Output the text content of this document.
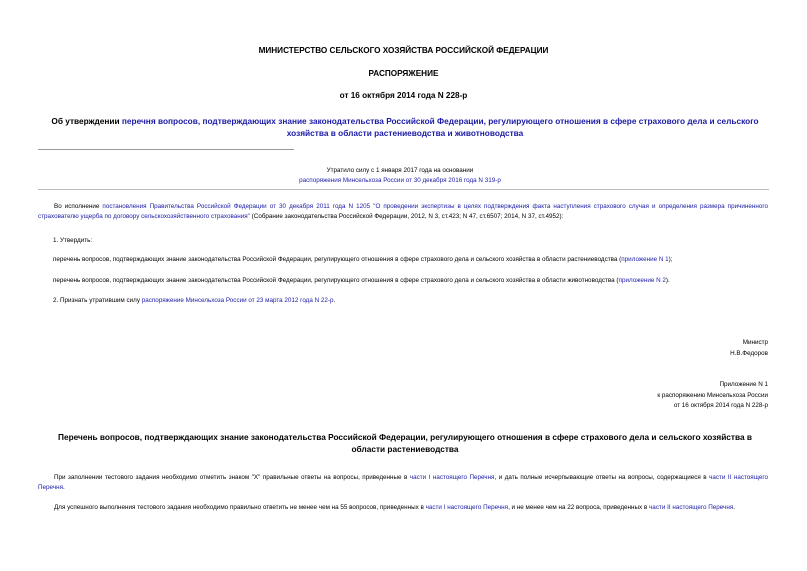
МИНИСТЕРСТВО СЕЛЬСКОГО ХОЗЯЙСТВА РОССИЙСКОЙ ФЕДЕРАЦИИ
РАСПОРЯЖЕНИЕ
от 16 октября 2014 года N 228-р
Об утверждении перечня вопросов, подтверждающих знание законодательства Российской Федерации, регулирующего отношения в сфере страхового дела и сельского хозяйства в области растениеводства и животноводства
Утратило силу с 1 января 2017 года на основании
распоряжения Минсельхоза России от 30 декабря 2016 года N 319-р
Во исполнение постановления Правительства Российской Федерации от 30 декабря 2011 года N 1205 "О проведении экспертизы в целях подтверждения факта наступления страхового случая и определения размера причиненного страхователю ущерба по договору сельскохозяйственного страхования" (Собрание законодательства Российской Федерации, 2012, N 3, ст.423; N 47, ст.6507; 2014, N 37, ст.4952):
1. Утвердить:
перечень вопросов, подтверждающих знание законодательства Российской Федерации, регулирующего отношения в сфере страхового дела и сельского хозяйства в области растениеводства (приложение N 1);
перечень вопросов, подтверждающих знание законодательства Российской Федерации, регулирующего отношения в сфере страхового дела и сельского хозяйства в области животноводства (приложение N 2).
2. Признать утратившим силу распоряжение Минсельхоза России от 23 марта 2012 года N 22-р.
Министр
Н.В.Федоров
Приложение N 1
к распоряжению Минсельхоза России
от 16 октября 2014 года N 228-р
Перечень вопросов, подтверждающих знание законодательства Российской Федерации, регулирующего отношения в сфере страхового дела и сельского хозяйства в области растениеводства
При заполнении тестового задания необходимо отметить знаком "X" правильные ответы на вопросы, приведенные в части I настоящего Перечня, и дать полные исчерпывающие ответы на вопросы, содержащиеся в части II настоящего Перечня.
Для успешного выполнения тестового задания необходимо правильно ответить не менее чем на 55 вопросов, приведенных в части I настоящего Перечня, и не менее чем на 22 вопроса, приведенных в части II настоящего Перечня.
